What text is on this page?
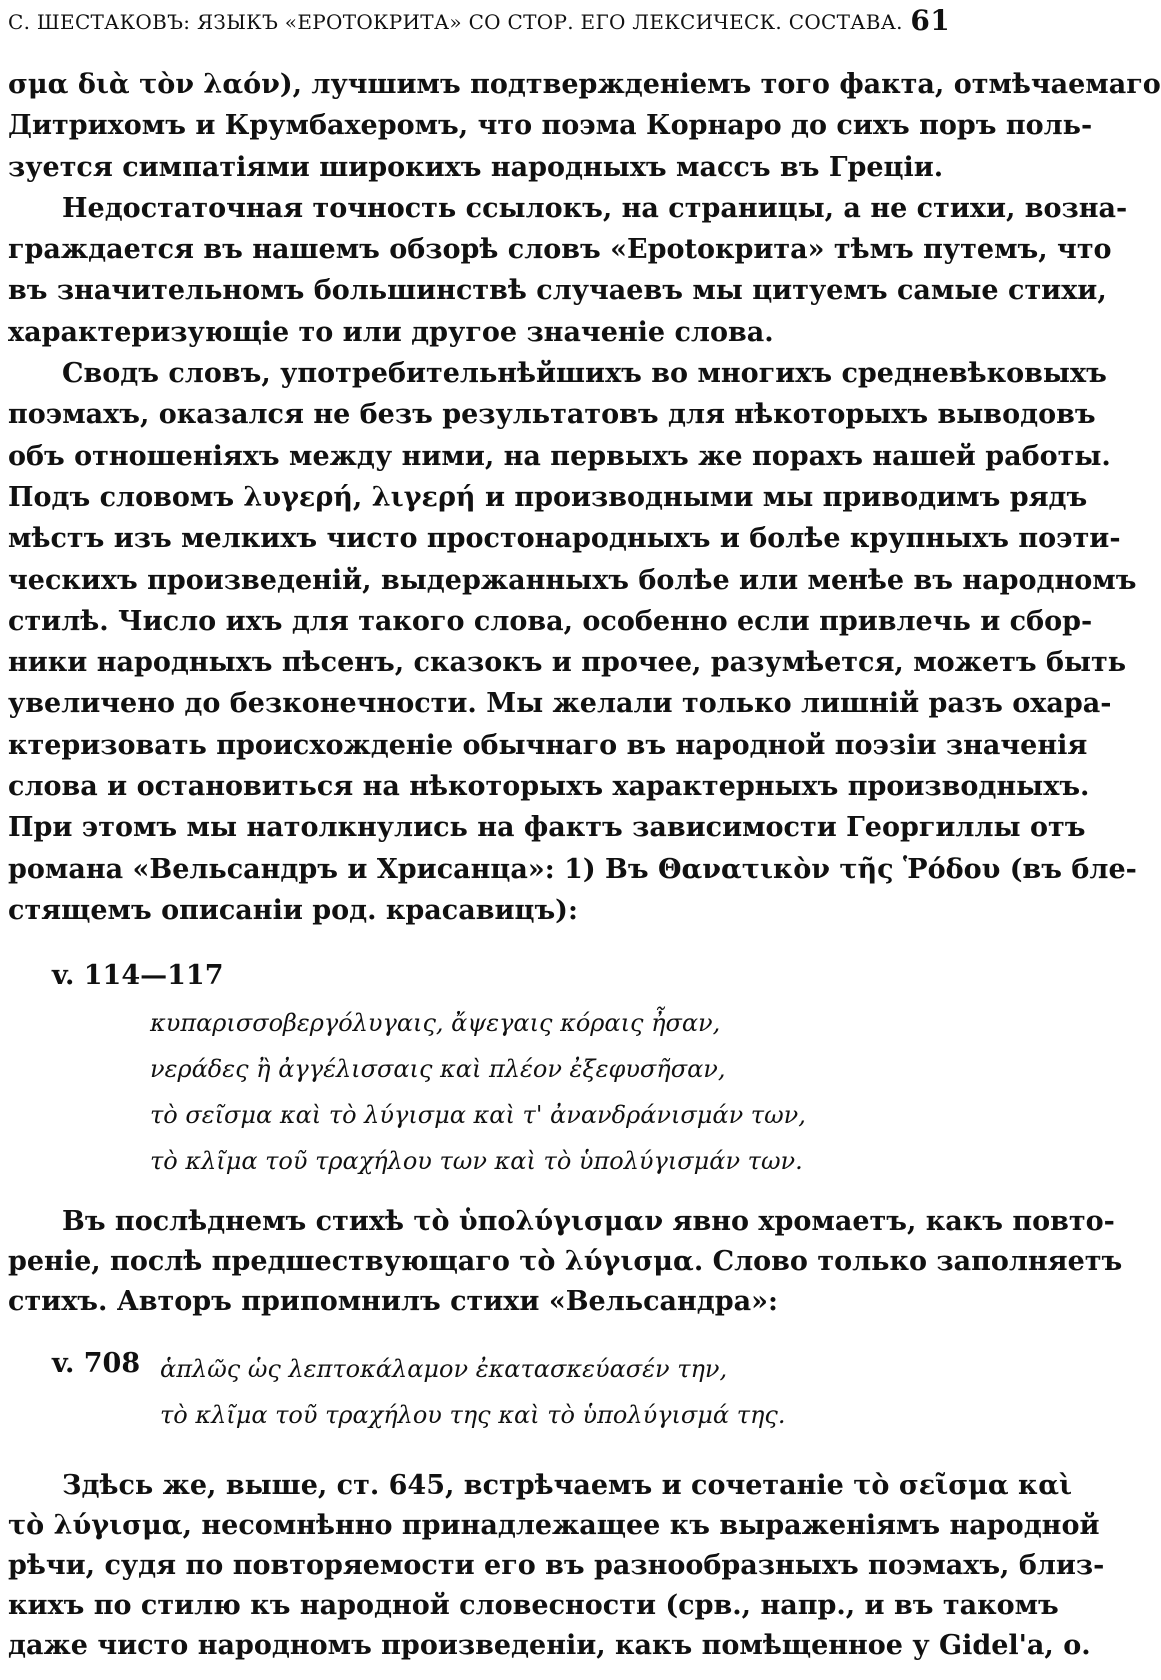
С. ШЕСТАКОВЪ: ЯЗЫКЪ «ЕРОТОКРИТА» СО СТОР. ЕГО ЛЕКСИЧЕСК. СОСТАВА. 61

σμα διὰ τὸν λαόν), лучшимъ подтвержденіемъ того факта, отмѣчаемаго
Дитрихомъ и Крумбахеромъ, что поэма Корнаро до сихъ поръ поль-
зуется симпатіями широкихъ народныхъ массъ въ Греціи.

Недостаточная точность ссылокъ, на страницы, а не стихи, возна-
граждается въ нашемъ обзорѣ словъ «Ерotокрита» тѣмъ путемъ, что
въ значительномъ большинствѣ случаевъ мы цитуемъ самые стихи,
характеризующіе то или другое значеніе слова.

Сводъ словъ, употребительнѣйшихъ во многихъ средневѣковыхъ
поэмахъ, оказался не безъ результатовъ для нѣкоторыхъ выводовъ
объ отношеніяхъ между ними, на первыхъ же порахъ нашей работы.
Подъ словомъ λυγερή, λιγερή и производными мы приводимъ рядъ
мѣстъ изъ мелкихъ чисто простонародныхъ и болѣе крупныхъ поэти-
ческихъ произведеній, выдержанныхъ болѣе или менѣе въ народномъ
стилѣ. Число ихъ для такого слова, особенно если привлечь и сбор-
ники народныхъ пѣсенъ, сказокъ и прочее, разумѣется, можетъ быть
увеличено до безконечности. Мы желали только лишній разъ охара-
ктеризовать происхожденіе обычнаго въ народной поэзіи значенія
слова и остановиться на нѣкоторыхъ характерныхъ производныхъ.
При этомъ мы натолкнулись на фактъ зависимости Георгиллы отъ
романа «Вельсандръ и Хрисанца»: 1) Въ Θανατικὸν τῆς Ῥόδου (въ бле-
стящемъ описаніи род. красавицъ):

v. 114—117
κυπαρισσοβεργόλυγαις, ἄψεγαις κόραις ἦσαν,
νεράδες ἢ ἀγγέλισσαις καὶ πλέον ἐξεφυσῆσαν,
τὸ σεῖσμα καὶ τὸ λύγισμα καὶ τ' ἀνανδράνισμάν των,
τὸ κλῖμα τοῦ τραχήλου των καὶ τὸ ὑπολύγισμάν των.
Въ послѣднемъ стихѣ τὸ ὑπολύγισμαν явно хромаетъ, какъ повто-
реніе, послѣ предшествующаго τὸ λύγισμα. Слово только заполняетъ
стихъ. Авторъ припомнилъ стихи «Вельсандра»:
v. 708 ἁπλῶς ὡς λεπτοκάλαμον ἐκατασκεύασέν την,
τὸ κλῖμα τοῦ τραχήλου της καὶ τὸ ὑπολύγισμά της.
Здѣсь же, выше, ст. 645, встрѣчаемъ и сочетаніе τὸ σεῖσμα καὶ
τὸ λύγισμα, несомнѣнно принадлежащее къ выраженіямъ народной
рѣчи, судя по повторяемости его въ разнообразныхъ поэмахъ, близ-
кихъ по стилю къ народной словесности (срв., напр., и въ такомъ
даже чисто народномъ произведеніи, какъ помѣщенное у Gidel'а, о.
